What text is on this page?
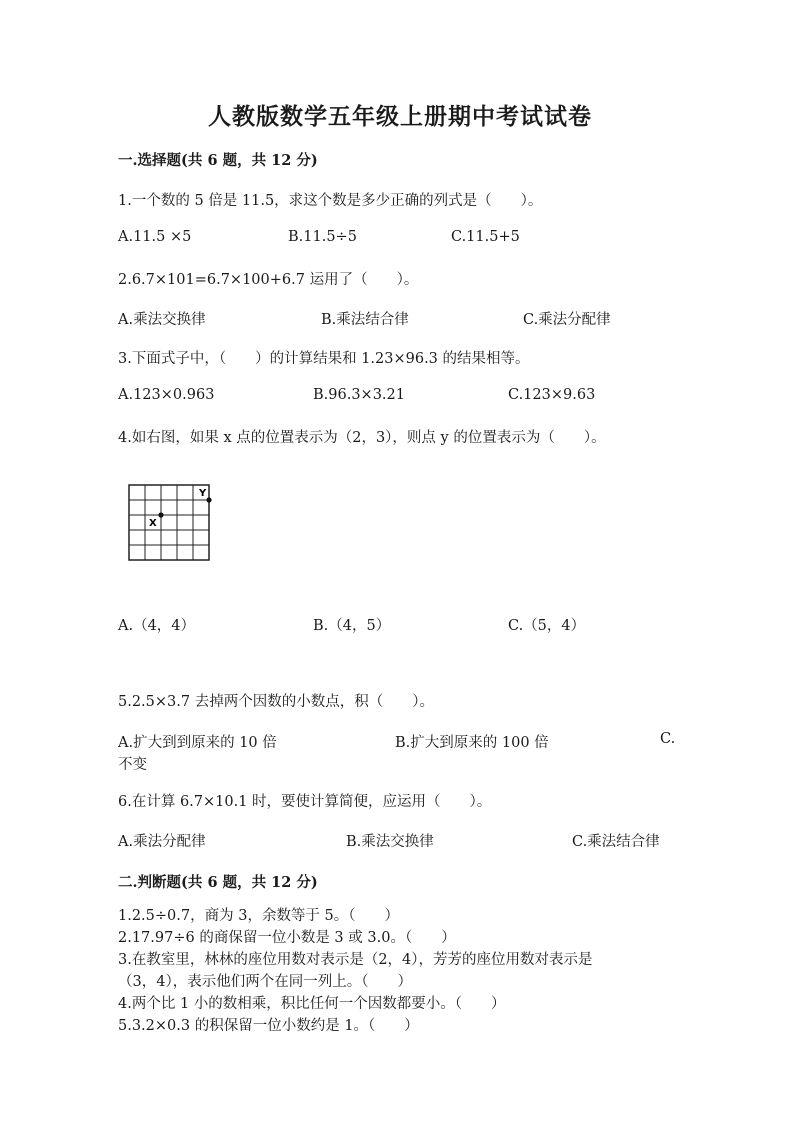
人教版数学五年级上册期中考试试卷
一.选择题(共 6 题，共 12 分)
1.一个数的 5 倍是 11.5，求这个数是多少正确的列式是（　　）。
A.11.5 ×5	B.11.5÷5	C.11.5+5
2.6.7×101=6.7×100+6.7 运用了（　　）。
A.乘法交换律	B.乘法结合律	C.乘法分配律
3.下面式子中，（　　）的计算结果和 1.23×96.3 的结果相等。
A.123×0.963	B.96.3×3.21	C.123×9.63
4.如右图，如果 x 点的位置表示为（2，3），则点 y 的位置表示为（　　）。
X
Y
A.（4，4）	B.（4，5）	C.（5，4）
5.2.5×3.7 去掉两个因数的小数点，积（　　）。
A.扩大到到原来的 10 倍	B.扩大到原来的 100 倍	C.
不变
6.在计算 6.7×10.1 时，要使计算简便，应运用（　　）。
A.乘法分配律	B.乘法交换律	C.乘法结合律
二.判断题(共 6 题，共 12 分)
1.2.5÷0.7，商为 3，余数等于 5。（　　）
2.17.97÷6 的商保留一位小数是 3 或 3.0。（　　）
3.在教室里，林林的座位用数对表示是（2，4），芳芳的座位用数对表示是
（3，4），表示他们两个在同一列上。（　　）
4.两个比 1 小的数相乘，积比任何一个因数都要小。（　　）
5.3.2×0.3 的积保留一位小数约是 1。（　　）
